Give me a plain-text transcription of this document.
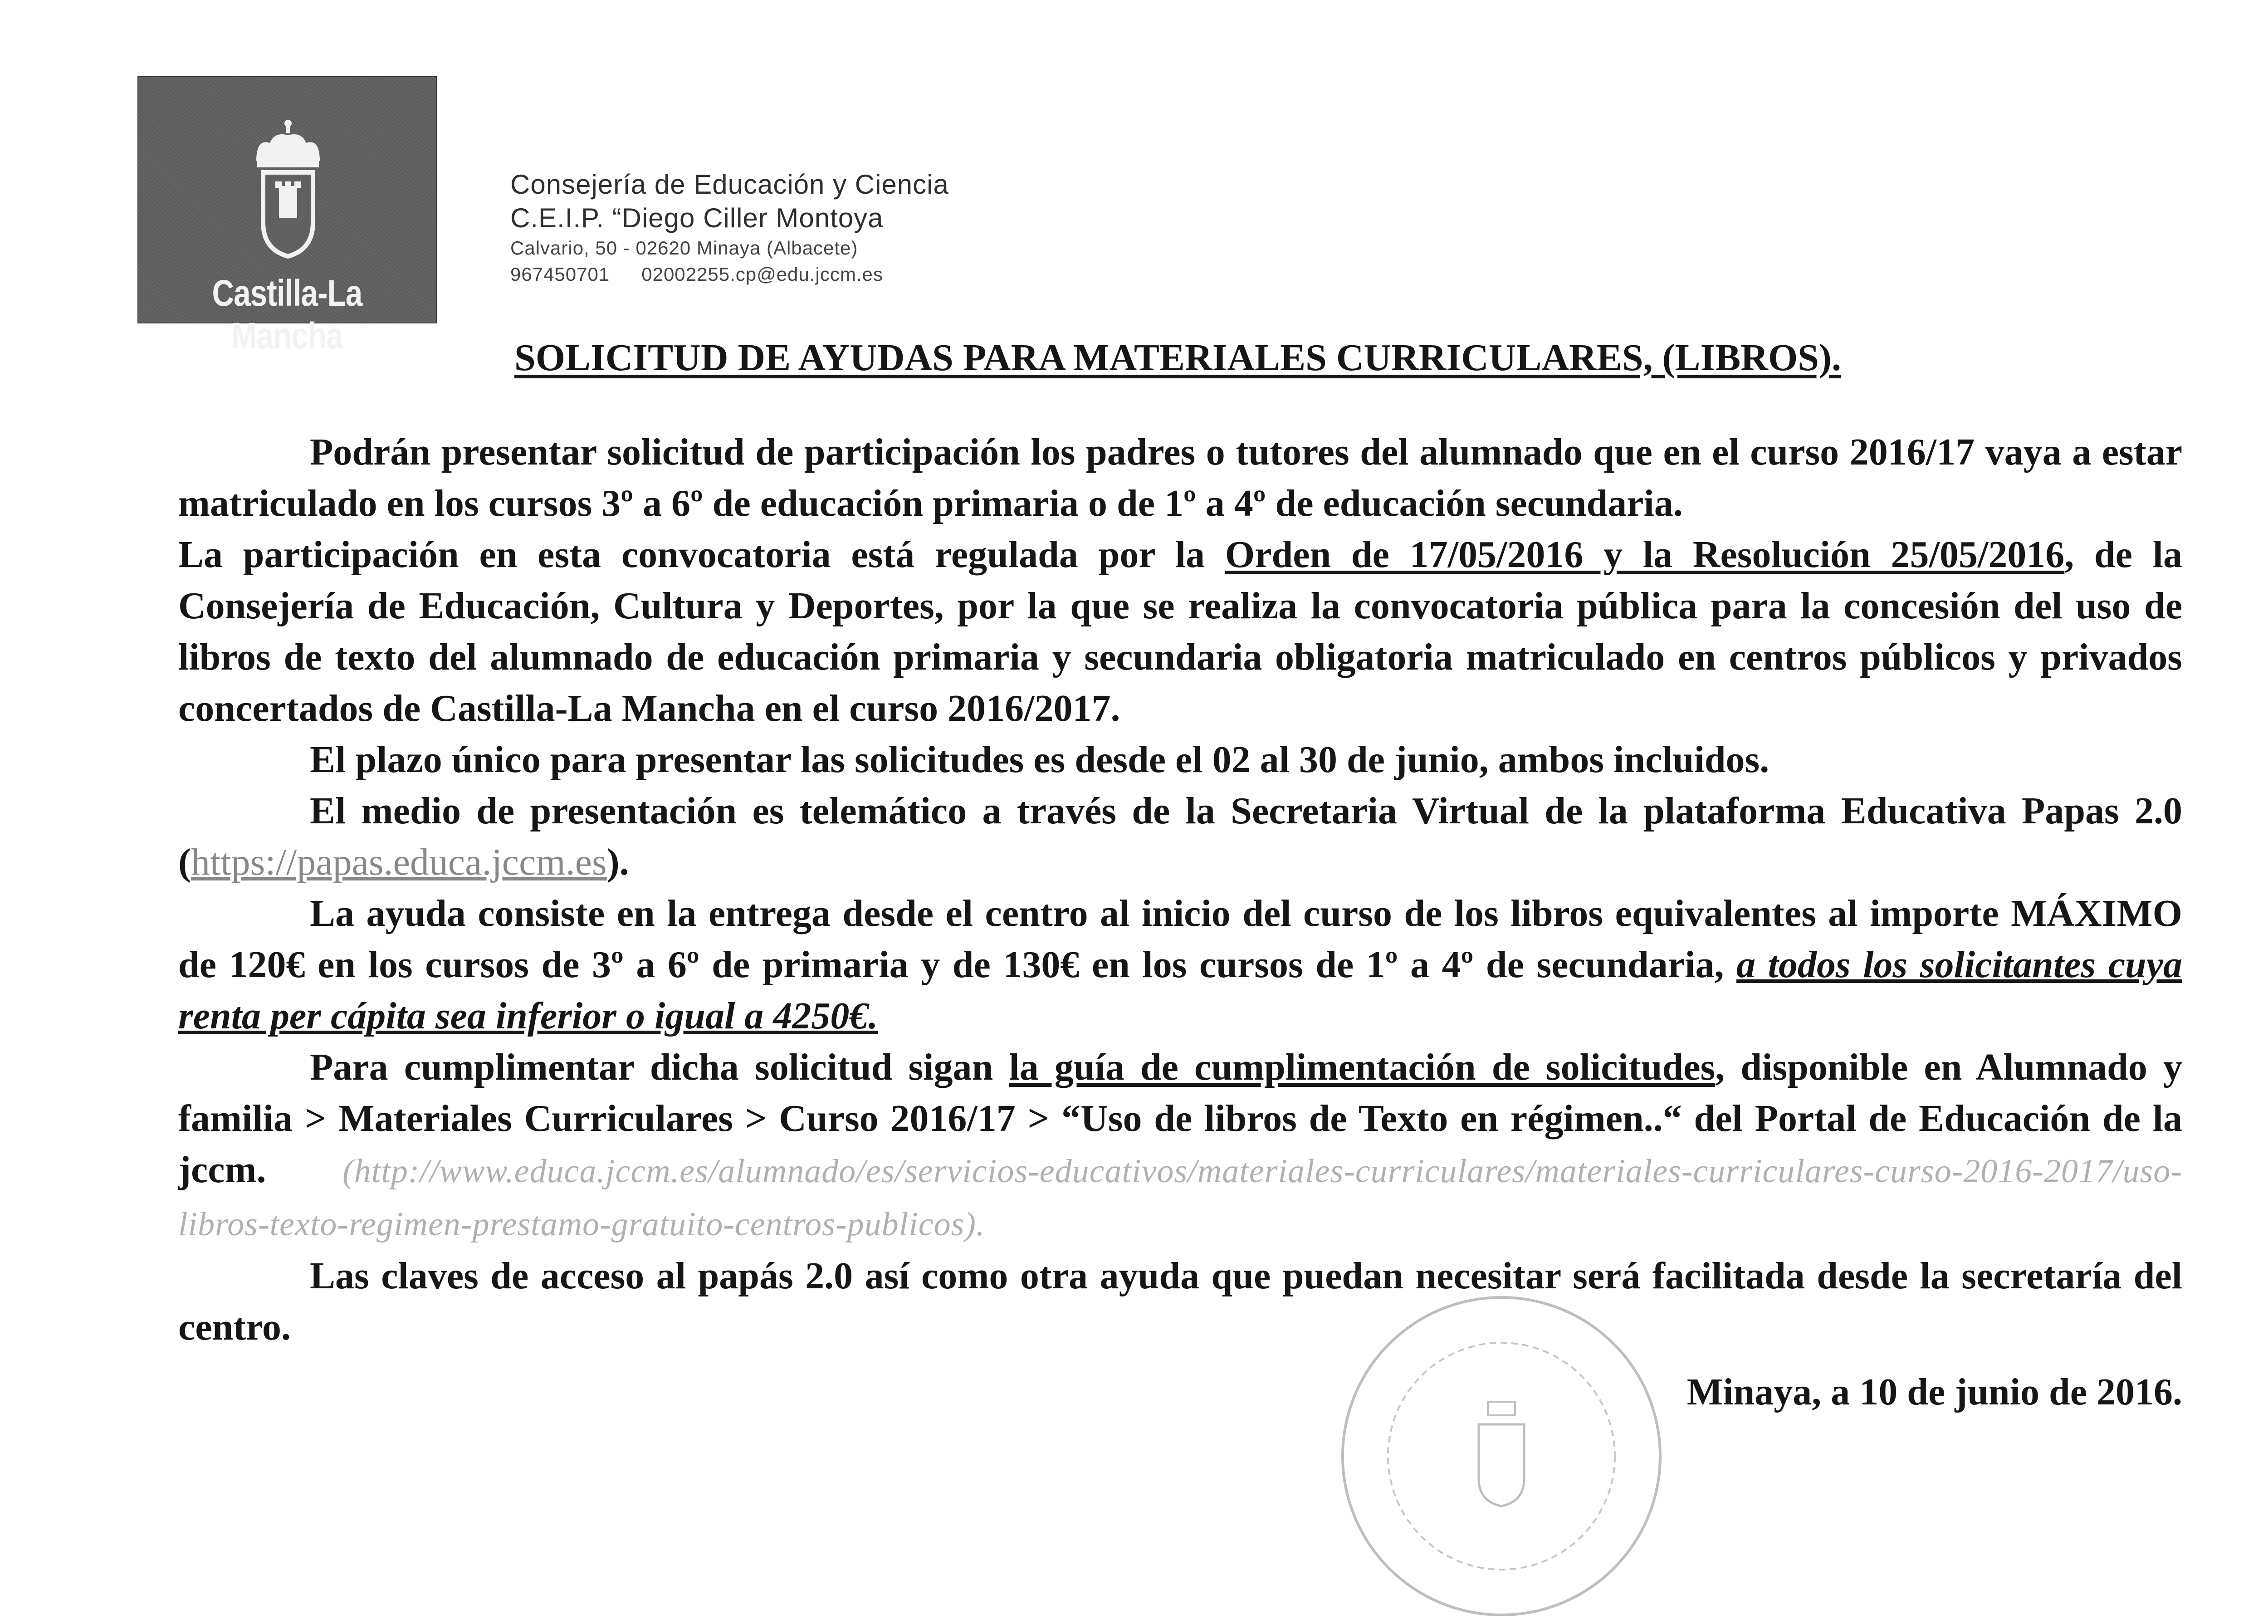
Castilla-La Mancha
Consejería de Educación y Ciencia
C.E.I.P. “Diego Ciller Montoya
Calvario, 50 - 02620 Minaya (Albacete)
967450701 02002255.cp@edu.jccm.es
SOLICITUD DE AYUDAS PARA MATERIALES CURRICULARES, (LIBROS).

Podrán presentar solicitud de participación los padres o tutores del alumnado que en el curso 2016/17 vaya a estar matriculado en los cursos 3º a 6º de educación primaria o de 1º a 4º de educación secundaria.

La participación en esta convocatoria está regulada por la Orden de 17/05/2016 y la Resolución 25/05/2016, de la Consejería de Educación, Cultura y Deportes, por la que se realiza la convocatoria pública para la concesión del uso de libros de texto del alumnado de educación primaria y secundaria obligatoria matriculado en centros públicos y privados concertados de Castilla-La Mancha en el curso 2016/2017.

El plazo único para presentar las solicitudes es desde el 02 al 30 de junio, ambos incluidos.

El medio de presentación es telemático a través de la Secretaria Virtual de la plataforma Educativa Papas 2.0 (https://papas.educa.jccm.es).

La ayuda consiste en la entrega desde el centro al inicio del curso de los libros equivalentes al importe MÁXIMO de 120€ en los cursos de 3º a 6º de primaria y de 130€ en los cursos de 1º a 4º de secundaria, a todos los solicitantes cuya renta per cápita sea inferior o igual a 4250€.

Para cumplimentar dicha solicitud sigan la guía de cumplimentación de solicitudes, disponible en Alumnado y familia > Materiales Curriculares > Curso 2016/17 > “Uso de libros de Texto en régimen..“ del Portal de Educación de la jccm. (http://www.educa.jccm.es/alumnado/es/servicios-educativos/materiales-curriculares/materiales-curriculares-curso-2016-2017/uso-libros-texto-regimen-prestamo-gratuito-centros-publicos).

Las claves de acceso al papás 2.0 así como otra ayuda que puedan necesitar será facilitada desde la secretaría del centro.

Minaya, a 10 de junio de 2016.
